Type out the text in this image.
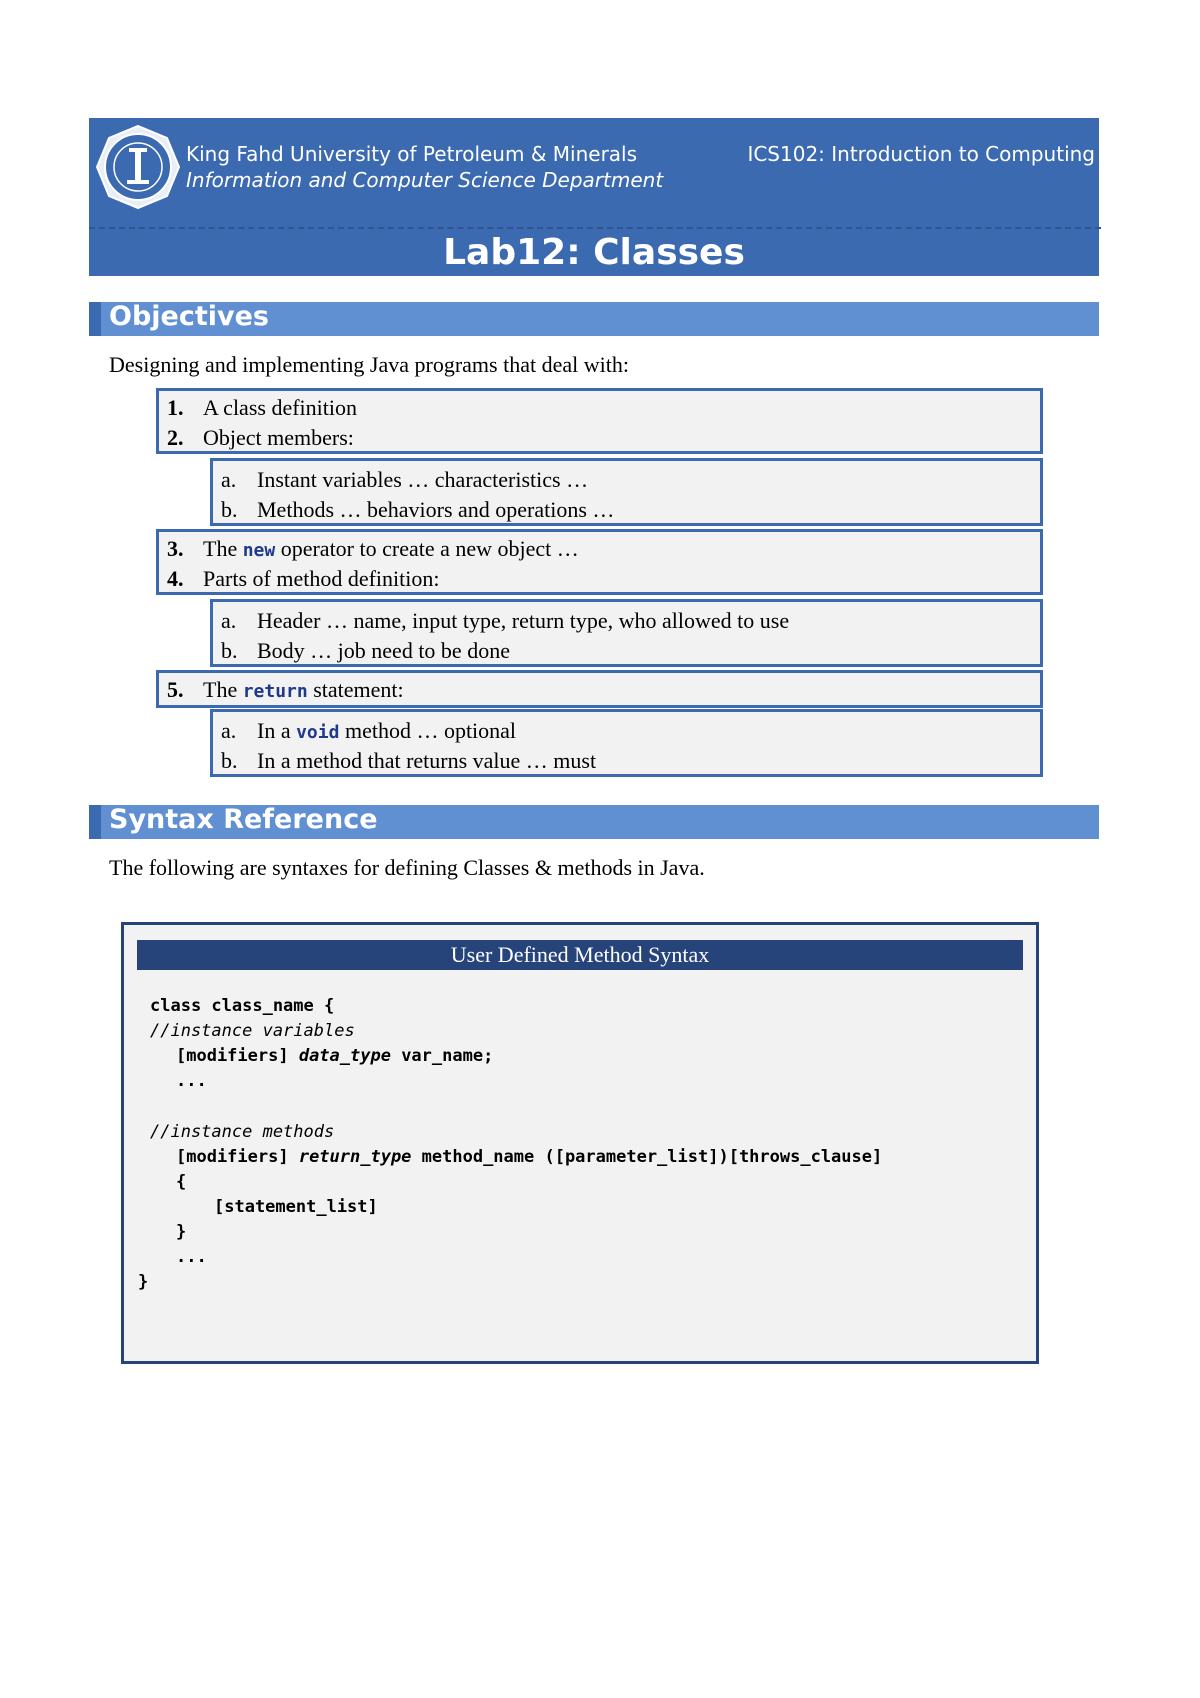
King Fahd University of Petroleum & Minerals
Information and Computer Science Department
ICS102: Introduction to Computing
Lab12: Classes
Objectives
Designing and implementing Java programs that deal with:
1. A class definition
2. Object members:
a. Instant variables … characteristics …
b. Methods … behaviors and operations …
3. The new operator to create a new object …
4. Parts of method definition:
a. Header … name, input type, return type, who allowed to use
b. Body … job need to be done
5. The return statement:
a. In a void method … optional
b. In a method that returns value … must
Syntax Reference
The following are syntaxes for defining Classes & methods in Java.
User Defined Method Syntax
class class_name {
//instance variables
[modifiers] data_type var_name;
...
//instance methods
[modifiers] return_type method_name ([parameter_list])[throws_clause]
{
[statement_list]
}
...
}
